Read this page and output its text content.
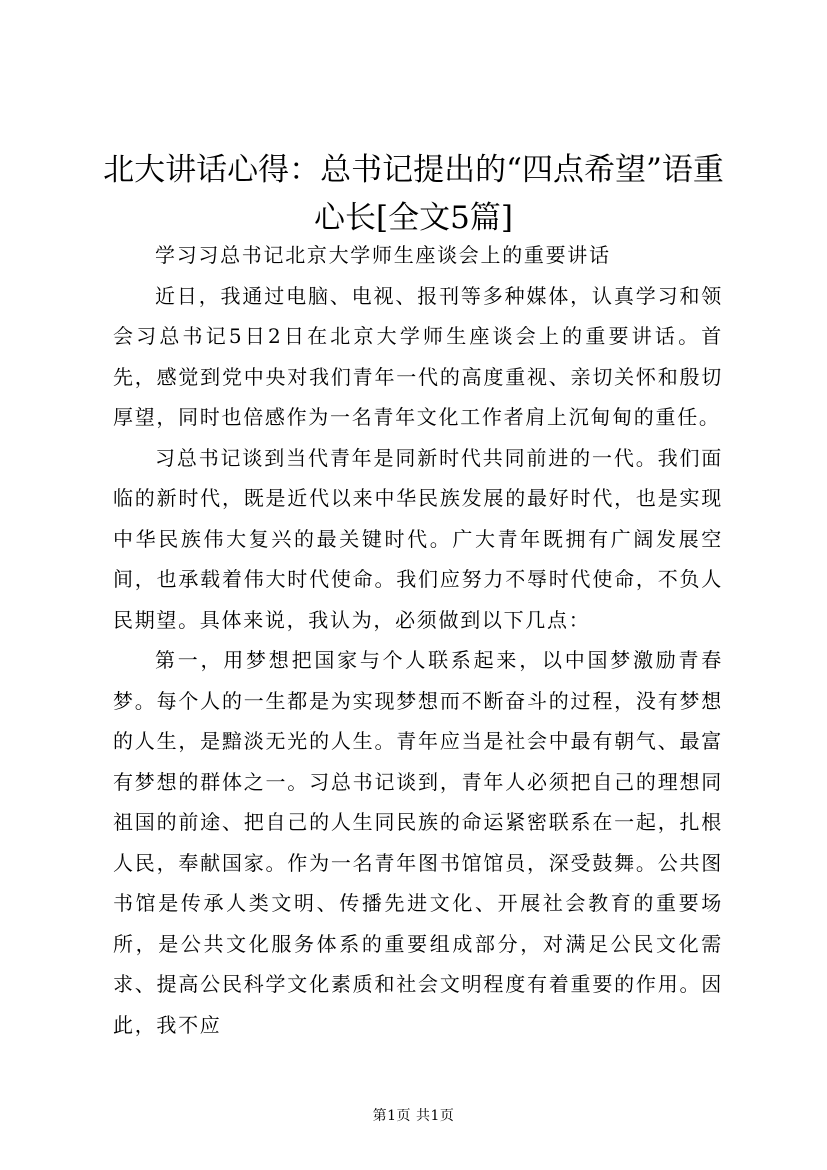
北大讲话心得：总书记提出的“四点希望”语重心长[全文5篇]

学习习总书记北京大学师生座谈会上的重要讲话

近日，我通过电脑、电视、报刊等多种媒体，认真学习和领会习总书记5日2日在北京大学师生座谈会上的重要讲话。首先，感觉到党中央对我们青年一代的高度重视、亲切关怀和殷切厚望，同时也倍感作为一名青年文化工作者肩上沉甸甸的重任。

习总书记谈到当代青年是同新时代共同前进的一代。我们面临的新时代，既是近代以来中华民族发展的最好时代，也是实现中华民族伟大复兴的最关键时代。广大青年既拥有广阔发展空间，也承载着伟大时代使命。我们应努力不辱时代使命，不负人民期望。具体来说，我认为，必须做到以下几点：

第一，用梦想把国家与个人联系起来，以中国梦激励青春梦。每个人的一生都是为实现梦想而不断奋斗的过程，没有梦想的人生，是黯淡无光的人生。青年应当是社会中最有朝气、最富有梦想的群体之一。习总书记谈到，青年人必须把自己的理想同祖国的前途、把自己的人生同民族的命运紧密联系在一起，扎根人民，奉献国家。作为一名青年图书馆馆员，深受鼓舞。公共图书馆是传承人类文明、传播先进文化、开展社会教育的重要场所，是公共文化服务体系的重要组成部分，对满足公民文化需求、提高公民科学文化素质和社会文明程度有着重要的作用。因此，我不应

第1页 共1页
